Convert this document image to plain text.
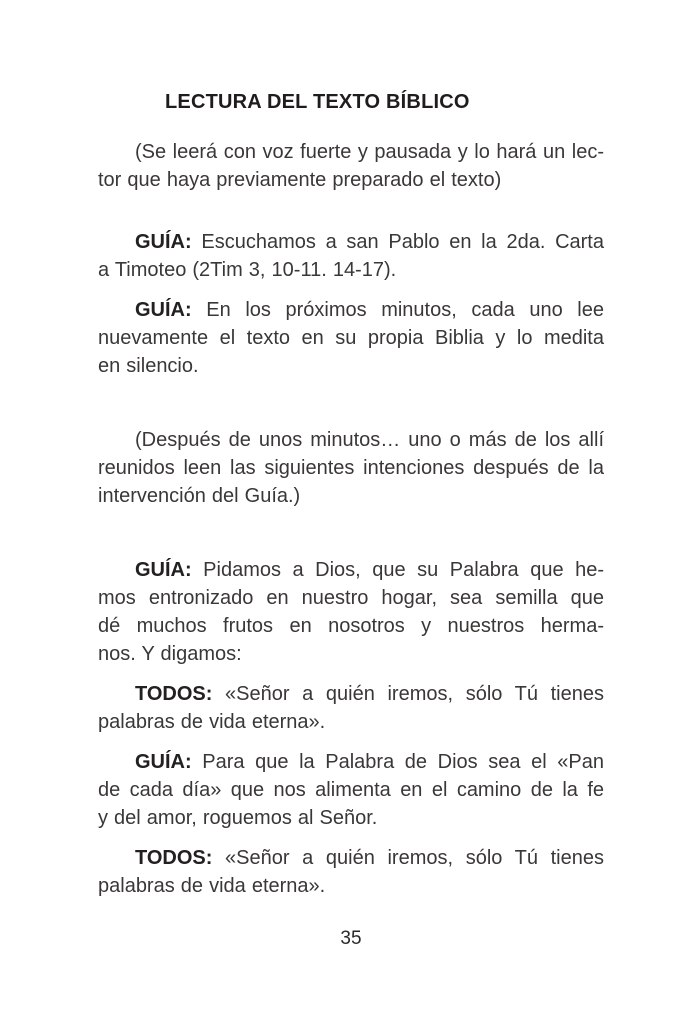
LECTURA DEL TEXTO BÍBLICO
(Se leerá con voz fuerte y pausada y lo hará un lec-
tor que haya previamente preparado el texto)
GUÍA: Escuchamos a san Pablo en la 2da. Carta
a Timoteo (2Tim 3, 10-11. 14-17).
GUÍA: En los próximos minutos, cada uno lee
nuevamente el texto en su propia Biblia y lo medita
en silencio.
(Después de unos minutos… uno o más de los allí
reunidos leen las siguientes intenciones después de la
intervención del Guía.)
GUÍA: Pidamos a Dios, que su Palabra que he-
mos entronizado en nuestro hogar, sea semilla que
dé muchos frutos en nosotros y nuestros herma-
nos. Y digamos:
TODOS: «Señor a quién iremos, sólo Tú tienes
palabras de vida eterna».
GUÍA: Para que la Palabra de Dios sea el «Pan
de cada día» que nos alimenta en el camino de la fe
y del amor, roguemos al Señor.
TODOS: «Señor a quién iremos, sólo Tú tienes
palabras de vida eterna».
35
